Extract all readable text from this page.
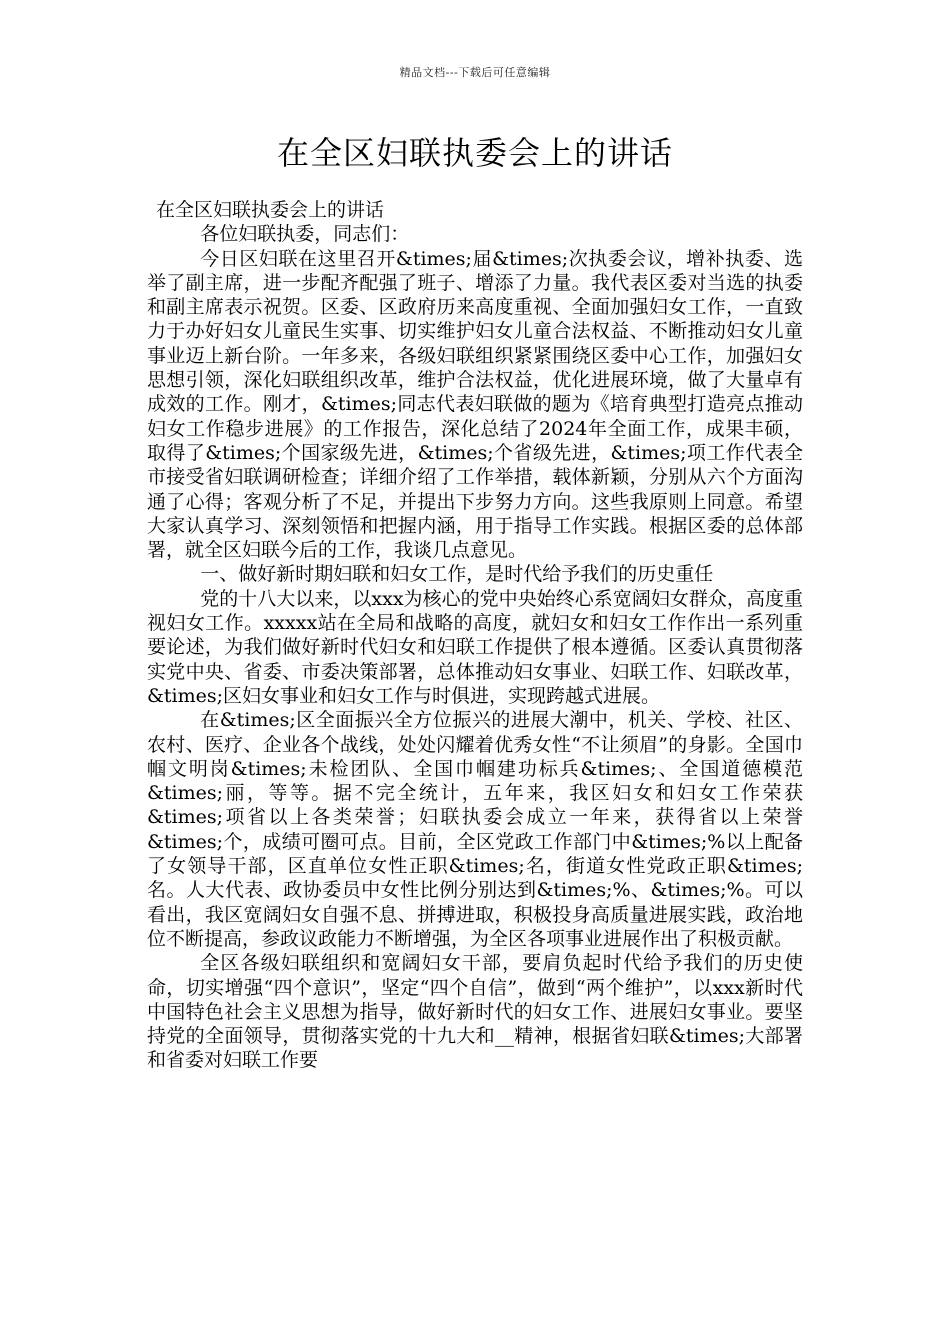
精品文档---下载后可任意编辑
在全区妇联执委会上的讲话

在全区妇联执委会上的讲话

各位妇联执委，同志们：

今日区妇联在这里召开&times;届&times;次执委会议，增补执委、选举了副主席，进一步配齐配强了班子、增添了力量。我代表区委对当选的执委和副主席表示祝贺。区委、区政府历来高度重视、全面加强妇女工作，一直致力于办好妇女儿童民生实事、切实维护妇女儿童合法权益、不断推动妇女儿童事业迈上新台阶。一年多来，各级妇联组织紧紧围绕区委中心工作，加强妇女思想引领，深化妇联组织改革，维护合法权益，优化进展环境，做了大量卓有成效的工作。刚才，&times;同志代表妇联做的题为《培育典型打造亮点推动妇女工作稳步进展》的工作报告，深化总结了2024年全面工作，成果丰硕，取得了&times;个国家级先进，&times;个省级先进，&times;项工作代表全市接受省妇联调研检查；详细介绍了工作举措，载体新颖，分别从六个方面沟通了心得；客观分析了不足，并提出下步努力方向。这些我原则上同意。希望大家认真学习、深刻领悟和把握内涵，用于指导工作实践。根据区委的总体部署，就全区妇联今后的工作，我谈几点意见。

一、做好新时期妇联和妇女工作，是时代给予我们的历史重任

党的十八大以来，以xxx为核心的党中央始终心系宽阔妇女群众，高度重视妇女工作。xxxxx站在全局和战略的高度，就妇女和妇女工作作出一系列重要论述，为我们做好新时代妇女和妇联工作提供了根本遵循。区委认真贯彻落实党中央、省委、市委决策部署，总体推动妇女事业、妇联工作、妇联改革，&times;区妇女事业和妇女工作与时俱进，实现跨越式进展。

在&times;区全面振兴全方位振兴的进展大潮中，机关、学校、社区、农村、医疗、企业各个战线，处处闪耀着优秀女性“不让须眉”的身影。全国巾帼文明岗&times;未检团队、全国巾帼建功标兵&times;、全国道德模范&times;丽，等等。据不完全统计，五年来，我区妇女和妇女工作荣获&times;项省以上各类荣誉；妇联执委会成立一年来，获得省以上荣誉&times;个，成绩可圈可点。目前，全区党政工作部门中&times;%以上配备了女领导干部，区直单位女性正职&times;名，街道女性党政正职&times;名。人大代表、政协委员中女性比例分别达到&times;%、&times;%。可以看出，我区宽阔妇女自强不息、拼搏进取，积极投身高质量进展实践，政治地位不断提高，参政议政能力不断增强，为全区各项事业进展作出了积极贡献。

全区各级妇联组织和宽阔妇女干部，要肩负起时代给予我们的历史使命，切实增强“四个意识”，坚定“四个自信”，做到“两个维护”，以xxx新时代中国特色社会主义思想为指导，做好新时代的妇女工作、进展妇女事业。要坚持党的全面领导，贯彻落实党的十九大和__精神，根据省妇联&times;大部署和省委对妇联工作要
